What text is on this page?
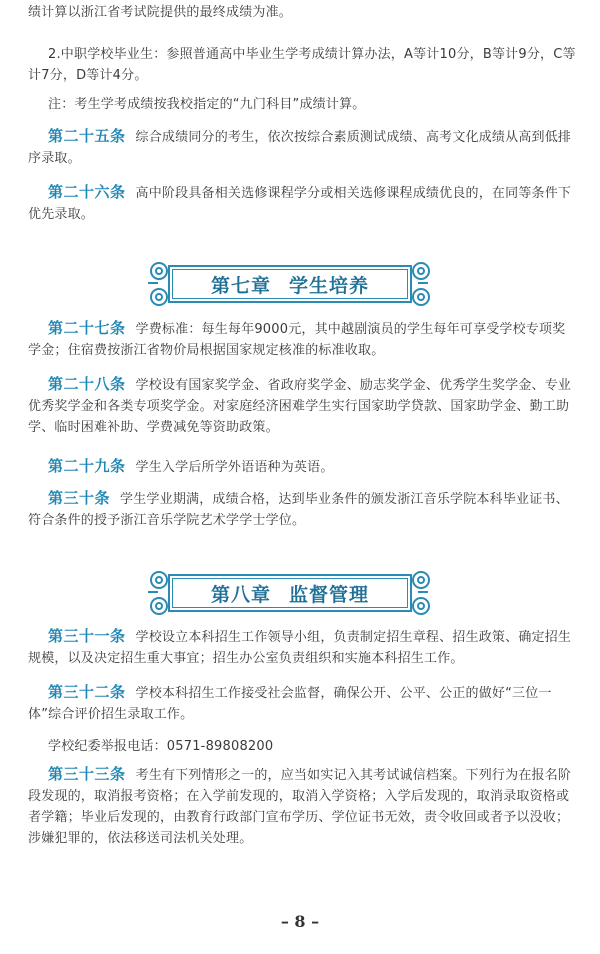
绩计算以浙江省考试院提供的最终成绩为准。

2.中职学校毕业生：参照普通高中毕业生学考成绩计算办法，A等计10分，B等计9分，C等计7分，D等计4分。

注：考生学考成绩按我校指定的“九门科目”成绩计算。

第二十五条 综合成绩同分的考生，依次按综合素质测试成绩、高考文化成绩从高到低排序录取。

第二十六条 高中阶段具备相关选修课程学分或相关选修课程成绩优良的，在同等条件下优先录取。

第七章 学生培养

第二十七条 学费标准：每生每年9000元，其中越剧演员的学生每年可享受学校专项奖学金；住宿费按浙江省物价局根据国家规定核准的标准收取。

第二十八条 学校设有国家奖学金、省政府奖学金、励志奖学金、优秀学生奖学金、专业优秀奖学金和各类专项奖学金。对家庭经济困难学生实行国家助学贷款、国家助学金、勤工助学、临时困难补助、学费减免等资助政策。

第二十九条 学生入学后所学外语语种为英语。

第三十条 学生学业期满，成绩合格，达到毕业条件的颁发浙江音乐学院本科毕业证书、符合条件的授予浙江音乐学院艺术学学士学位。

第八章 监督管理

第三十一条 学校设立本科招生工作领导小组，负责制定招生章程、招生政策、确定招生规模，以及决定招生重大事宜；招生办公室负责组织和实施本科招生工作。

第三十二条 学校本科招生工作接受社会监督，确保公开、公平、公正的做好“三位一体”综合评价招生录取工作。

学校纪委举报电话：0571-89808200

第三十三条 考生有下列情形之一的，应当如实记入其考试诚信档案。下列行为在报名阶段发现的，取消报考资格；在入学前发现的，取消入学资格；入学后发现的，取消录取资格或者学籍；毕业后发现的，由教育行政部门宣布学历、学位证书无效，责令收回或者予以没收；涉嫌犯罪的，依法移送司法机关处理。

– 8 –
